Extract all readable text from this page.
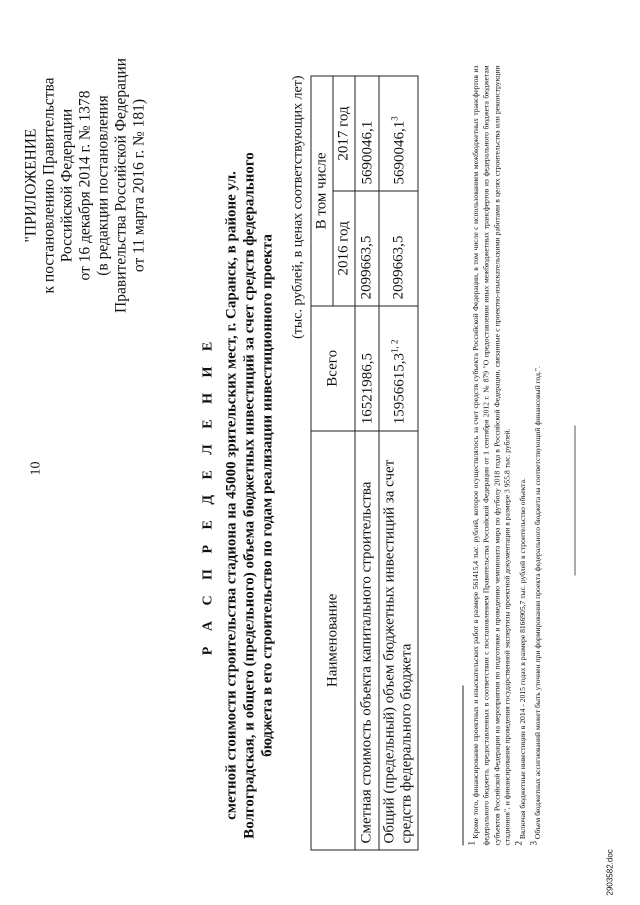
10
"ПРИЛОЖЕНИЕ к постановлению Правительства Российской Федерации от 16 декабря 2014 г. № 1378 (в редакции постановления Правительства Российской Федерации от 11 марта 2016 г. № 181)
Р А С П Р Е Д Е Л Е Н И Е сметной стоимости строительства стадиона на 45000 зрительских мест, г. Саранск, в районе ул. Волгоградская, и общего (предельного) объема бюджетных инвестиций за счет средств федерального бюджета в его строительство по годам реализации инвестиционного проекта
(тыс. рублей, в ценах соответствующих лет)
Наименование	Всего	В том числе	
		2016 год	2017 год
Сметная стоимость объекта капитального строительства	16521986,5	2099663,5	5690046,1
Общий (предельный) объем бюджетных инвестиций за счет средств федерального бюджета	15956615,3$^{1, 2}$	2099663,5	5690046,1$^3$

$^1$ Кроме того, финансирование проектных и изыскательских работ в размере 561415,4 тыс. рублей, которое осуществлялось за счет средств субъекта Российской Федерации, в том числе с использованием межбюджетных трансфертов из федерального бюджета, предоставленных в соответствии с постановлением Правительства Российской Федерации от 1 сентября 2012 г. № 879 "О предоставлении иных межбюджетных трансфертов из федерального бюджета бюджетам субъектов Российской Федерации на мероприятия по подготовке и проведению чемпионата мира по футболу 2018 года в Российской Федерации, связанные с проектно-изыскательскими работами в целях строительства или реконструкции стадионов", и финансирование проведения государственной экспертизы проектной документации в размере 3 955,8 тыс. рублей. $^2$ Включая бюджетные инвестиции в 2014 - 2015 годах в размере 8166905,7 тыс. рублей в строительство объекта.

$^3$ Объем бюджетных ассигнований может быть уточнен при формировании проекта федерального бюджета на соответствующий финансовый год.".

2903582.doc
